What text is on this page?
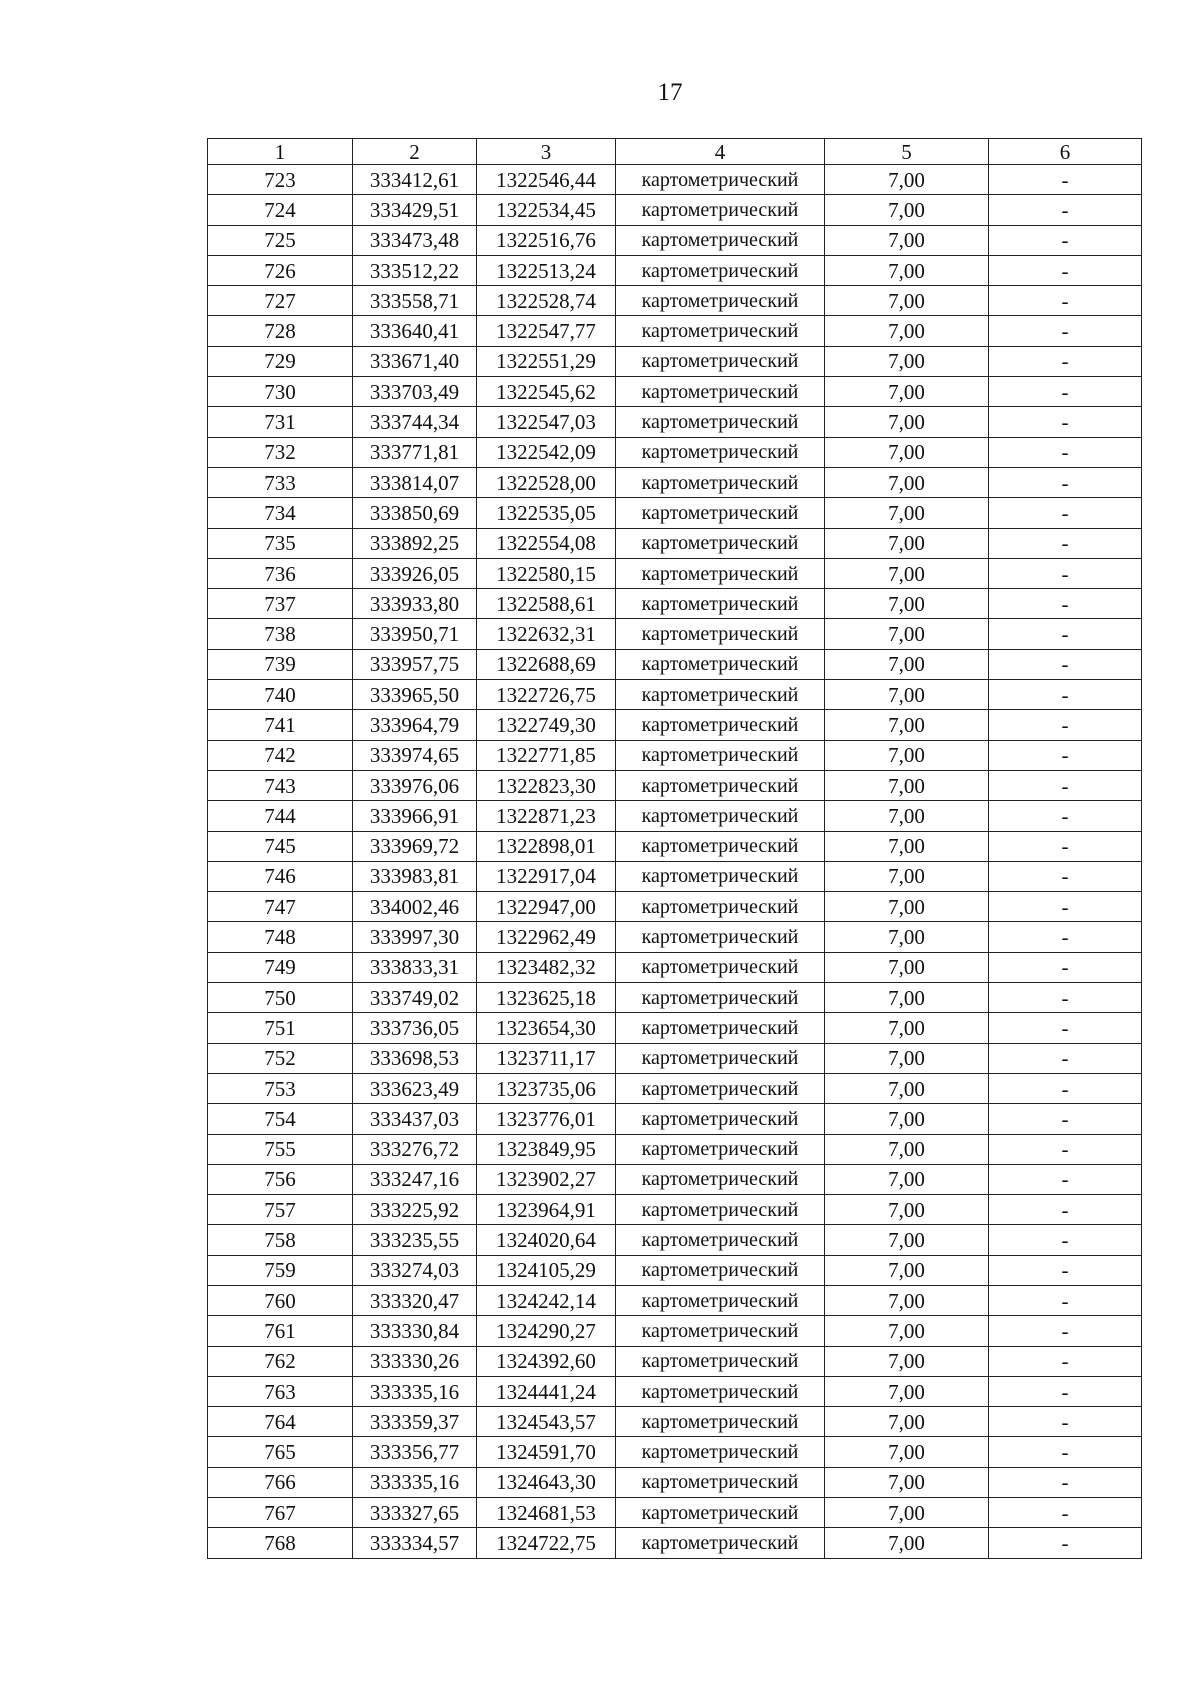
17
1	2	3	4	5	6
723	333412,61	1322546,44	картометрический	7,00	-
724	333429,51	1322534,45	картометрический	7,00	-
725	333473,48	1322516,76	картометрический	7,00	-
726	333512,22	1322513,24	картометрический	7,00	-
727	333558,71	1322528,74	картометрический	7,00	-
728	333640,41	1322547,77	картометрический	7,00	-
729	333671,40	1322551,29	картометрический	7,00	-
730	333703,49	1322545,62	картометрический	7,00	-
731	333744,34	1322547,03	картометрический	7,00	-
732	333771,81	1322542,09	картометрический	7,00	-
733	333814,07	1322528,00	картометрический	7,00	-
734	333850,69	1322535,05	картометрический	7,00	-
735	333892,25	1322554,08	картометрический	7,00	-
736	333926,05	1322580,15	картометрический	7,00	-
737	333933,80	1322588,61	картометрический	7,00	-
738	333950,71	1322632,31	картометрический	7,00	-
739	333957,75	1322688,69	картометрический	7,00	-
740	333965,50	1322726,75	картометрический	7,00	-
741	333964,79	1322749,30	картометрический	7,00	-
742	333974,65	1322771,85	картометрический	7,00	-
743	333976,06	1322823,30	картометрический	7,00	-
744	333966,91	1322871,23	картометрический	7,00	-
745	333969,72	1322898,01	картометрический	7,00	-
746	333983,81	1322917,04	картометрический	7,00	-
747	334002,46	1322947,00	картометрический	7,00	-
748	333997,30	1322962,49	картометрический	7,00	-
749	333833,31	1323482,32	картометрический	7,00	-
750	333749,02	1323625,18	картометрический	7,00	-
751	333736,05	1323654,30	картометрический	7,00	-
752	333698,53	1323711,17	картометрический	7,00	-
753	333623,49	1323735,06	картометрический	7,00	-
754	333437,03	1323776,01	картометрический	7,00	-
755	333276,72	1323849,95	картометрический	7,00	-
756	333247,16	1323902,27	картометрический	7,00	-
757	333225,92	1323964,91	картометрический	7,00	-
758	333235,55	1324020,64	картометрический	7,00	-
759	333274,03	1324105,29	картометрический	7,00	-
760	333320,47	1324242,14	картометрический	7,00	-
761	333330,84	1324290,27	картометрический	7,00	-
762	333330,26	1324392,60	картометрический	7,00	-
763	333335,16	1324441,24	картометрический	7,00	-
764	333359,37	1324543,57	картометрический	7,00	-
765	333356,77	1324591,70	картометрический	7,00	-
766	333335,16	1324643,30	картометрический	7,00	-
767	333327,65	1324681,53	картометрический	7,00	-
768	333334,57	1324722,75	картометрический	7,00	-
